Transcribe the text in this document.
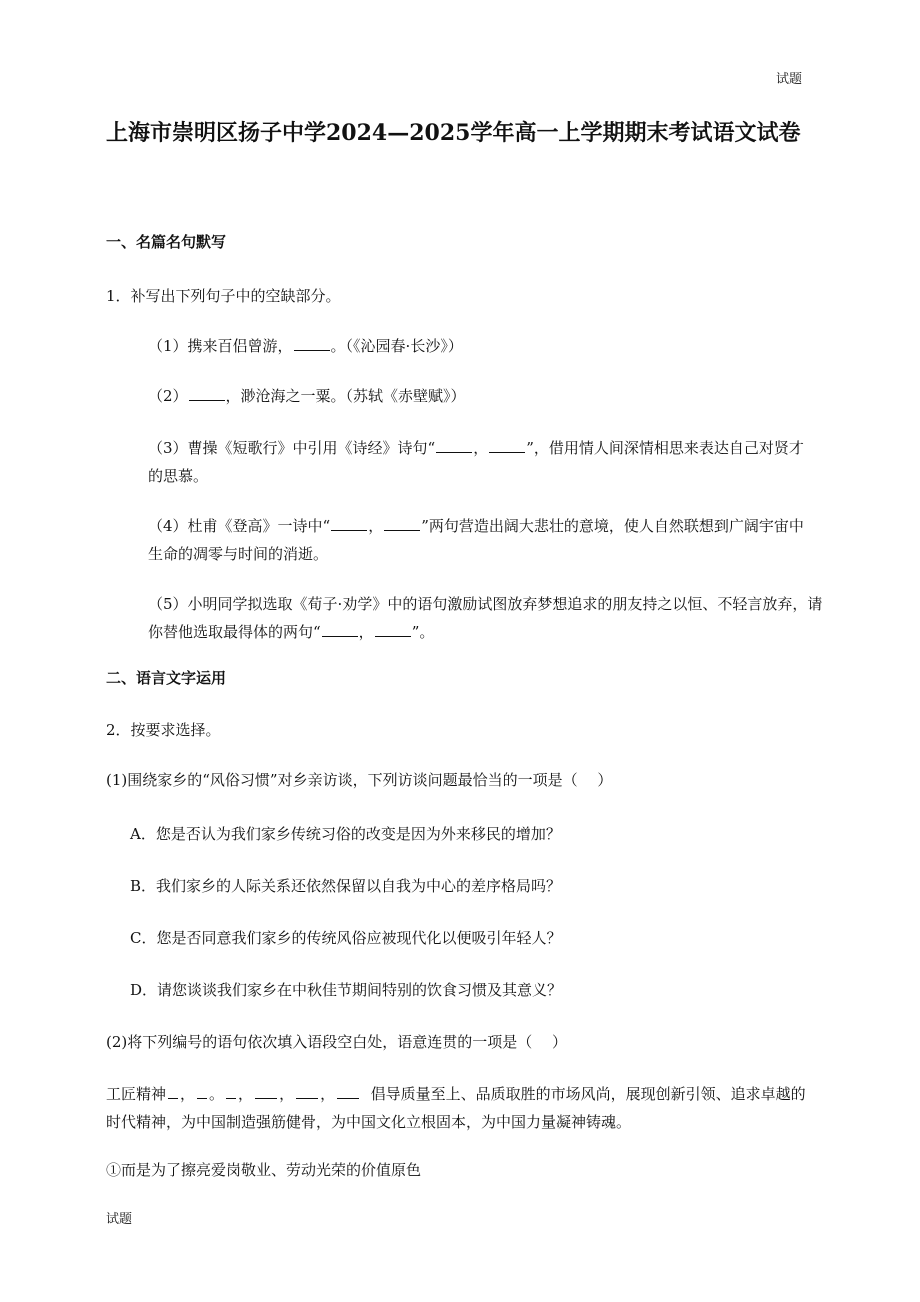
试题
上海市崇明区扬子中学2024—2025学年高一上学期期末考试语文试卷
一、名篇名句默写
1．补写出下列句子中的空缺部分。
（1）携来百侣曾游，	。（《沁园春·长沙》）
（2）	，渺沧海之一粟。（苏轼《赤壁赋》）
（3）曹操《短歌行》中引用《诗经》诗句“	，	”，借用情人间深情相思来表达自己对贤才的思慕。
（4）杜甫《登高》一诗中“	，	”两句营造出阔大悲壮的意境，使人自然联想到广阔宇宙中生命的凋零与时间的消逝。
（5）小明同学拟选取《荀子·劝学》中的语句激励试图放弃梦想追求的朋友持之以恒、不轻言放弃，请你替他选取最得体的两句“	，	”。
二、语言文字运用
2．按要求选择。
(1)围绕家乡的“风俗习惯”对乡亲访谈，下列访谈问题最恰当的一项是（　 ）
A．您是否认为我们家乡传统习俗的改变是因为外来移民的增加？
B．我们家乡的人际关系还依然保留以自我为中心的差序格局吗？
C．您是否同意我们家乡的传统风俗应被现代化以便吸引年轻人？
D．请您谈谈我们家乡在中秋佳节期间特别的饮食习惯及其意义？
(2)将下列编号的语句依次填入语段空白处，语意连贯的一项是（　 ）
工匠精神 ， 。 ， ， ， 倡导质量至上、品质取胜的市场风尚，展现创新引领、追求卓越的时代精神，为中国制造强筋健骨，为中国文化立根固本，为中国力量凝神铸魂。
①而是为了擦亮爱岗敬业、劳动光荣的价值原色
试题
